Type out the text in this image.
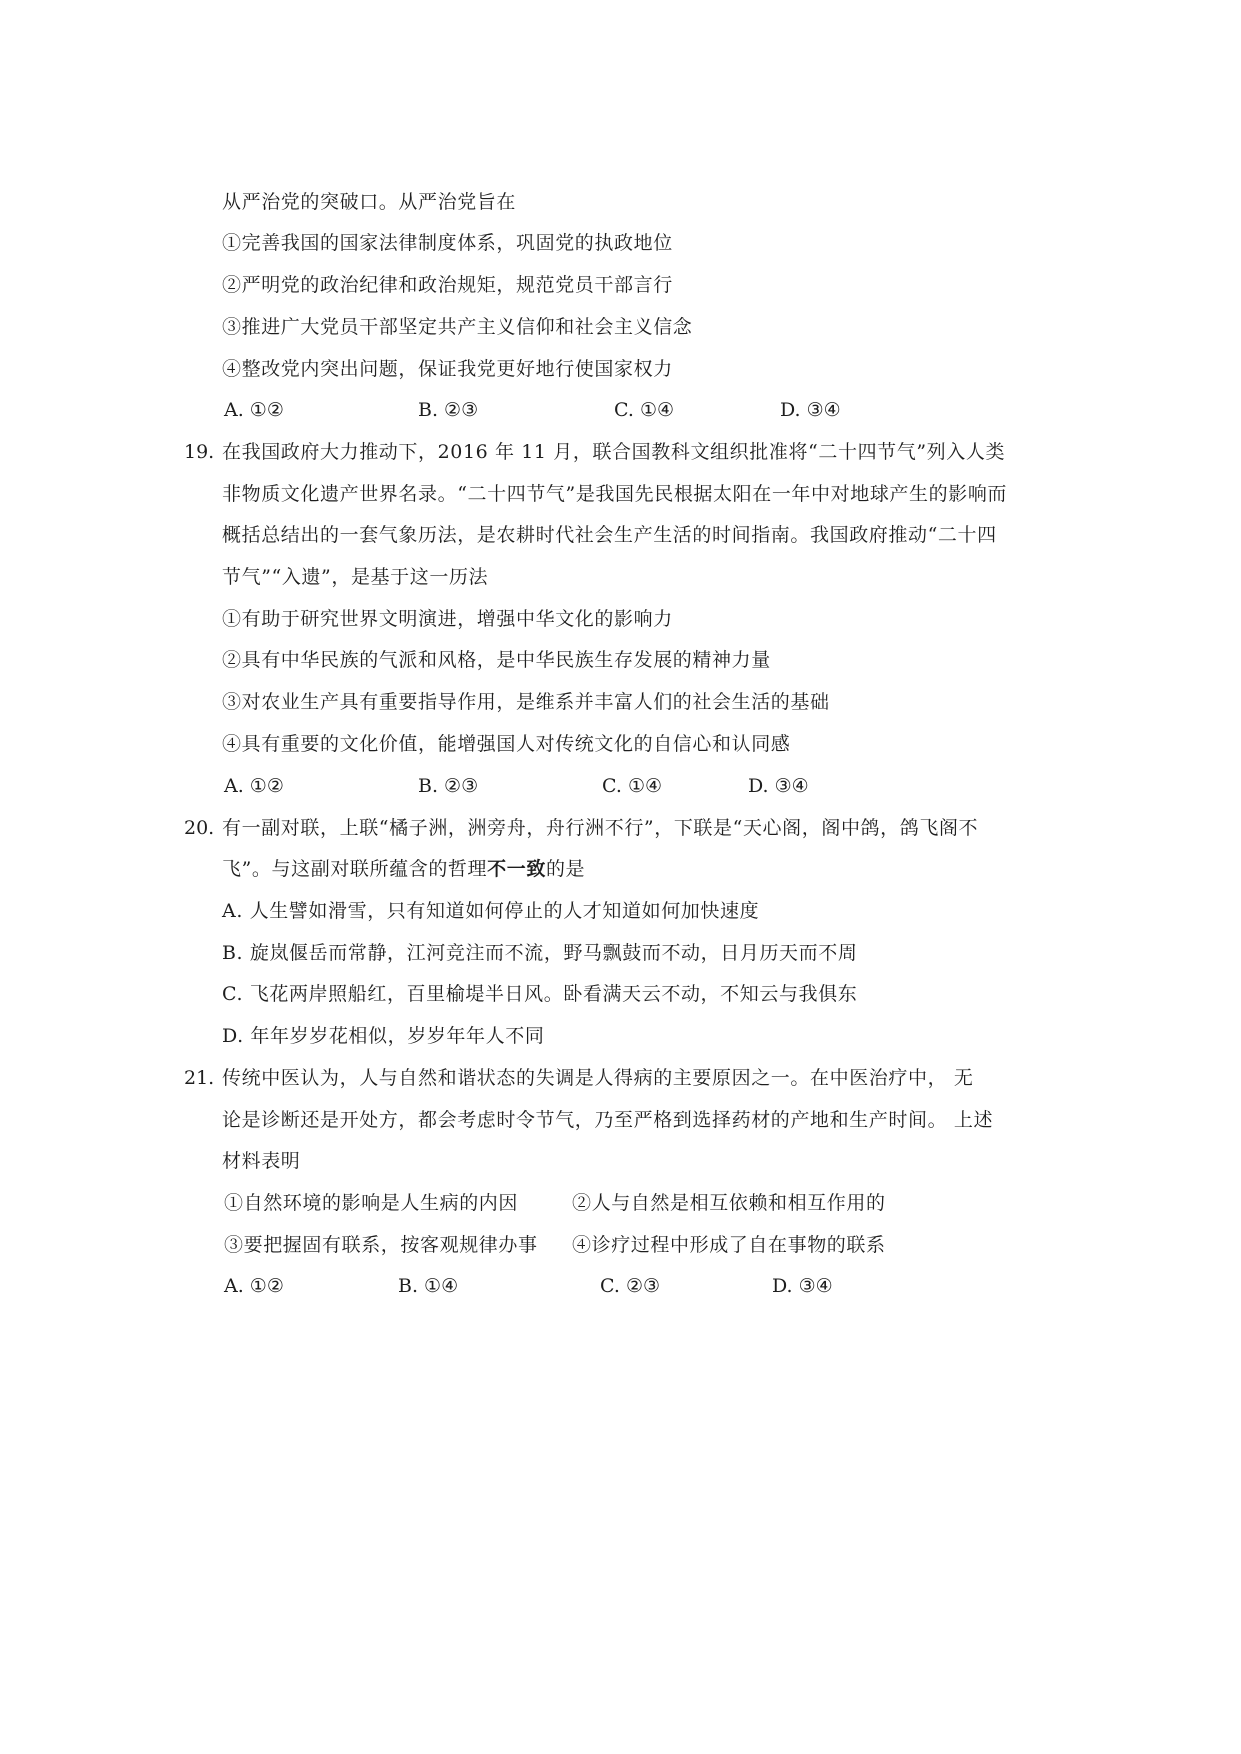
从严治党的突破口。从严治党旨在
①完善我国的国家法律制度体系，巩固党的执政地位
②严明党的政治纪律和政治规矩，规范党员干部言行
③推进广大党员干部坚定共产主义信仰和社会主义信念
④整改党内突出问题，保证我党更好地行使国家权力
A. ①②	B. ②③	C. ①④	D. ③④
19. 在我国政府大力推动下，2016 年 11 月，联合国教科文组织批准将“二十四节气”列入人类
非物质文化遗产世界名录。“二十四节气”是我国先民根据太阳在一年中对地球产生的影响而
概括总结出的一套气象历法，是农耕时代社会生产生活的时间指南。我国政府推动“二十四
节气”“入遗”，是基于这一历法
①有助于研究世界文明演进，增强中华文化的影响力
②具有中华民族的气派和风格，是中华民族生存发展的精神力量
③对农业生产具有重要指导作用，是维系并丰富人们的社会生活的基础
④具有重要的文化价值，能增强国人对传统文化的自信心和认同感
A. ①②	B. ②③	C. ①④	D. ③④
20. 有一副对联，上联“橘子洲，洲旁舟，舟行洲不行”，下联是“天心阁，阁中鸽，鸽飞阁不
飞”。与这副对联所蕴含的哲理不一致的是
A. 人生譬如滑雪，只有知道如何停止的人才知道如何加快速度
B. 旋岚偃岳而常静，江河竞注而不流，野马飘鼓而不动，日月历天而不周
C. 飞花两岸照船红，百里榆堤半日风。卧看满天云不动，不知云与我俱东
D. 年年岁岁花相似，岁岁年年人不同
21. 传统中医认为，人与自然和谐状态的失调是人得病的主要原因之一。在中医治疗中， 无
论是诊断还是开处方，都会考虑时令节气，乃至严格到选择药材的产地和生产时间。 上述
材料表明
①自然环境的影响是人生病的内因	②人与自然是相互依赖和相互作用的
③要把握固有联系，按客观规律办事 ④诊疗过程中形成了自在事物的联系
A. ①②	B. ①④	C. ②③	D. ③④
